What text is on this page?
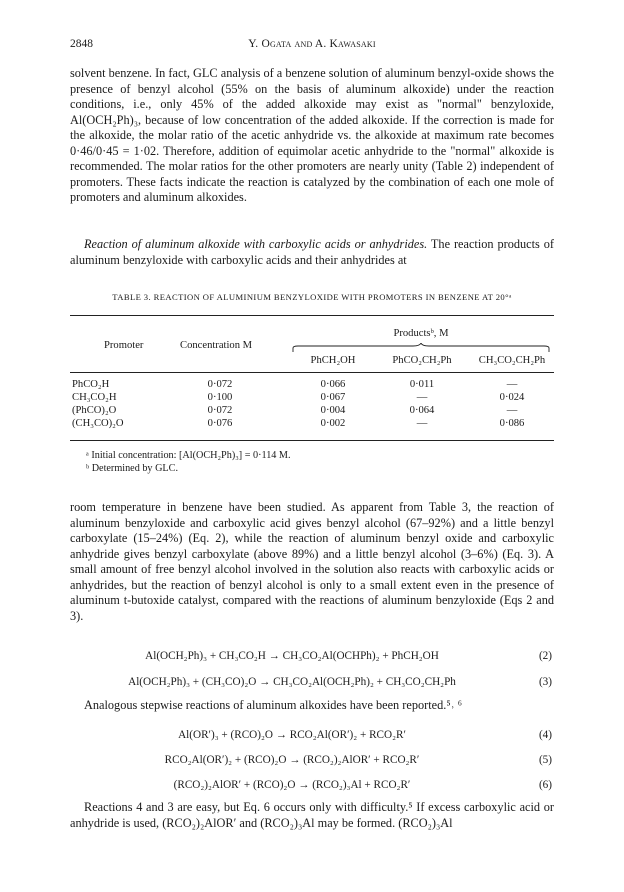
2848	Y. Ogata and A. Kawasaki

solvent benzene. In fact, GLC analysis of a benzene solution of aluminum benzyl-oxide shows the presence of benzyl alcohol (55% on the basis of aluminum alkoxide) under the reaction conditions, i.e., only 45% of the added alkoxide may exist as "normal" benzyloxide, Al(OCH₂Ph)₃, because of low concentration of the added alkoxide. If the correction is made for the alkoxide, the molar ratio of the acetic anhydride vs. the alkoxide at maximum rate becomes 0·46/0·45 = 1·02. Therefore, addition of equimolar acetic anhydride to the "normal" alkoxide is recommended. The molar ratios for the other promoters are nearly unity (Table 2) independent of promoters. These facts indicate the reaction is catalyzed by the combination of each one mole of promoters and aluminum alkoxides.

Reaction of aluminum alkoxide with carboxylic acids or anhydrides. The reaction products of aluminum benzyloxide with carboxylic acids and their anhydrides at

TABLE 3. REACTION OF ALUMINIUM BENZYLOXIDE WITH PROMOTERS IN BENZENE AT 20°ᵃ
Promoter	Concentration M
Productsᵇ, M
PhCH₂OH	PhCO₂CH₂Ph	CH₃CO₂CH₂Ph
PhCO₂H	0·072	0·066	0·011	—
CH₃CO₂H	0·100	0·067	—	0·024
(PhCO)₂O	0·072	0·004	0·064	—
(CH₃CO)₂O	0·076	0·002	—	0·086
ᵃ Initial concentration: [Al(OCH₂Ph)₃] = 0·114 M.
ᵇ Determined by GLC.

room temperature in benzene have been studied. As apparent from Table 3, the reaction of aluminum benzyloxide and carboxylic acid gives benzyl alcohol (67–92%) and a little benzyl carboxylate (15–24%) (Eq. 2), while the reaction of aluminum benzyl oxide and carboxylic anhydride gives benzyl carboxylate (above 89%) and a little benzyl alcohol (3–6%) (Eq. 3). A small amount of free benzyl alcohol involved in the solution also reacts with carboxylic acids or anhydrides, but the reaction of benzyl alcohol is only to a small extent even in the presence of aluminum t-butoxide catalyst, compared with the reactions of aluminum benzyloxide (Eqs 2 and 3).

Al(OCH₂Ph)₃ + CH₃CO₂H → CH₃CO₂Al(OCHPh)₂ + PhCH₂OH	(2)
Al(OCH₂Ph)₃ + (CH₃CO)₂O → CH₃CO₂Al(OCH₂Ph)₂ + CH₃CO₂CH₂Ph	(3)

Analogous stepwise reactions of aluminum alkoxides have been reported.⁵˒ ⁶

Al(OR′)₃ + (RCO)₂O → RCO₂Al(OR′)₂ + RCO₂R′	(4)
RCO₂Al(OR′)₂ + (RCO)₂O → (RCO₂)₂AlOR′ + RCO₂R′	(5)
(RCO₂)₂AlOR′ + (RCO)₂O → (RCO₂)₃Al + RCO₂R′	(6)

Reactions 4 and 3 are easy, but Eq. 6 occurs only with difficulty.⁵ If excess carboxylic acid or anhydride is used, (RCO₂)₂AlOR′ and (RCO₂)₃Al may be formed. (RCO₂)₃Al
